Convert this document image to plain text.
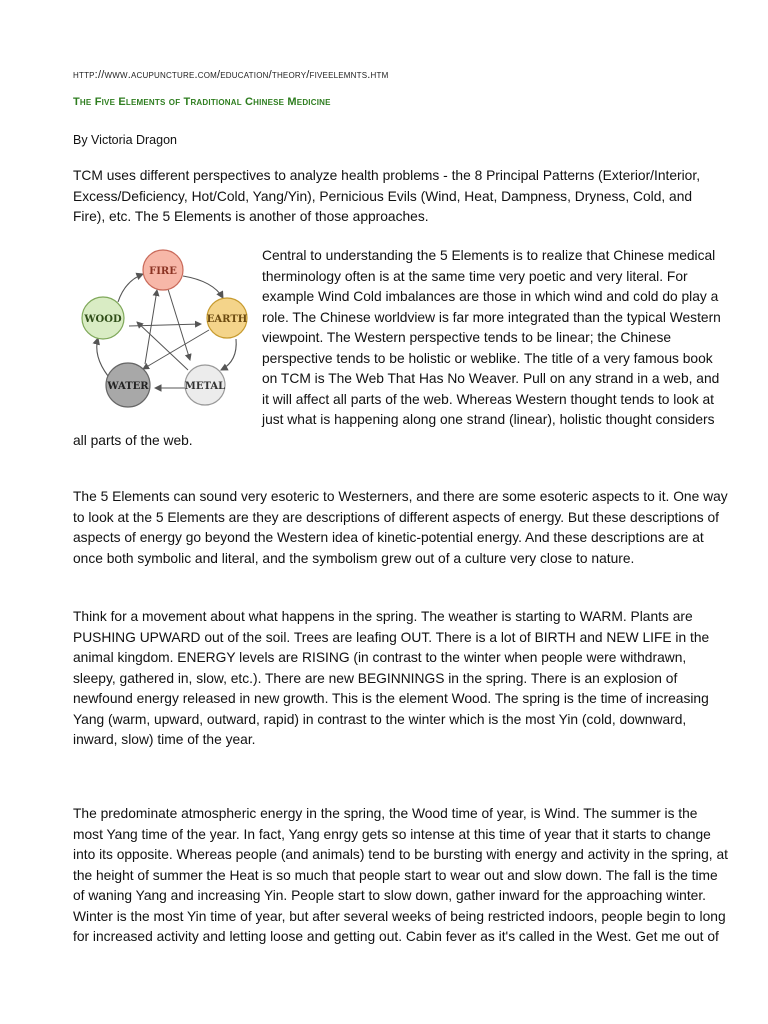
http://www.acupuncture.com/education/theory/fiveelemnts.htm
The Five Elements of Traditional Chinese Medicine
By Victoria Dragon

TCM uses different perspectives to analyze health problems - the 8 Principal Patterns (Exterior/Interior, Excess/Deficiency, Hot/Cold, Yang/Yin), Pernicious Evils (Wind, Heat, Dampness, Dryness, Cold, and Fire), etc. The 5 Elements is another of those approaches.

FIRE
EARTH
METAL
WATER
WOOD
Central to understanding the 5 Elements is to realize that Chinese medical therminology often is at the same time very poetic and very literal. For example Wind Cold imbalances are those in which wind and cold do play a role. The Chinese worldview is far more integrated than the typical Western viewpoint. The Western perspective tends to be linear; the Chinese perspective tends to be holistic or weblike. The title of a very famous book on TCM is The Web That Has No Weaver. Pull on any strand in a web, and it will affect all parts of the web. Whereas Western thought tends to look at just what is happening along one strand (linear), holistic thought considers all parts of the web.

The 5 Elements can sound very esoteric to Westerners, and there are some esoteric aspects to it. One way to look at the 5 Elements are they are descriptions of different aspects of energy. But these descriptions of aspects of energy go beyond the Western idea of kinetic-potential energy. And these descriptions are at once both symbolic and literal, and the symbolism grew out of a culture very close to nature.

Think for a movement about what happens in the spring. The weather is starting to WARM. Plants are PUSHING UPWARD out of the soil. Trees are leafing OUT. There is a lot of BIRTH and NEW LIFE in the animal kingdom. ENERGY levels are RISING (in contrast to the winter when people were withdrawn, sleepy, gathered in, slow, etc.). There are new BEGINNINGS in the spring. There is an explosion of newfound energy released in new growth. This is the element Wood. The spring is the time of increasing Yang (warm, upward, outward, rapid) in contrast to the winter which is the most Yin (cold, downward, inward, slow) time of the year.

The predominate atmospheric energy in the spring, the Wood time of year, is Wind. The summer is the most Yang time of the year. In fact, Yang enrgy gets so intense at this time of year that it starts to change into its opposite. Whereas people (and animals) tend to be bursting with energy and activity in the spring, at the height of summer the Heat is so much that people start to wear out and slow down. The fall is the time of waning Yang and increasing Yin. People start to slow down, gather inward for the approaching winter. Winter is the most Yin time of year, but after several weeks of being restricted indoors, people begin to long for increased activity and letting loose and getting out. Cabin fever as it's called in the West. Get me out of
